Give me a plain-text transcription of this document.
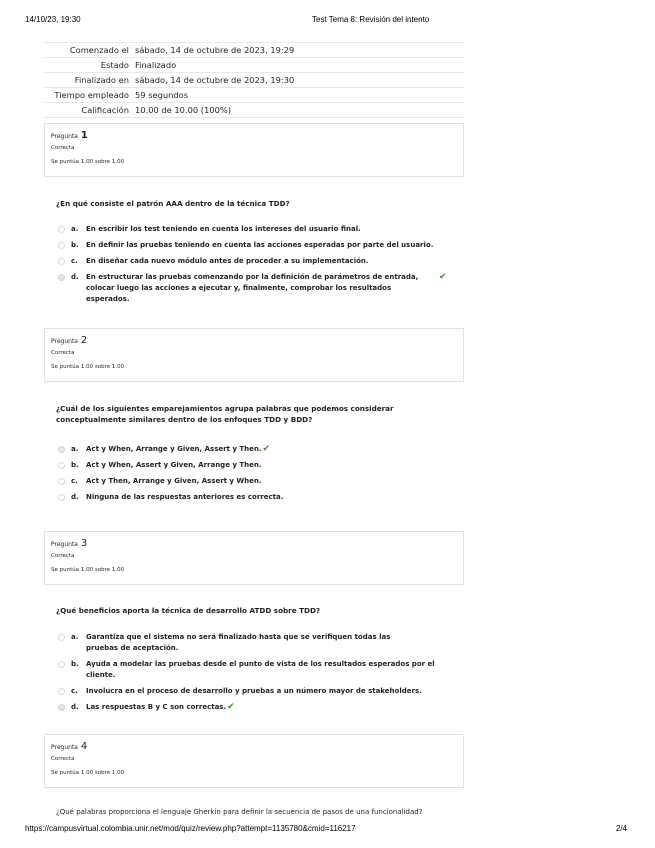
14/10/23, 19:30	Test Tema 8: Revisión del intento
Comenzado el	sábado, 14 de octubre de 2023, 19:29
Estado	Finalizado
Finalizado en	sábado, 14 de octubre de 2023, 19:30
Tiempo empleado	59 segundos
Calificación	10.00 de 10.00 (100%)
Pregunta 1
Correcta
Se puntúa 1.00 sobre 1.00
¿En qué consiste el patrón AAA dentro de la técnica TDD?
a.	En escribir los test teniendo en cuenta los intereses del usuario final.
b.	En definir las pruebas teniendo en cuenta las acciones esperadas por parte del usuario.
c.	En diseñar cada nuevo módulo antes de proceder a su implementación.
d.	En estructurar las pruebas comenzando por la definición de parámetros de entrada, colocar luego las acciones a ejecutar y, finalmente, comprobar los resultados esperados.
✔
Pregunta 2
Correcta
Se puntúa 1.00 sobre 1.00
¿Cuál de los siguientes emparejamientos agrupa palabras que podemos considerar conceptualmente similares dentro de los enfoques TDD y BDD?
a.	Act y When, Arrange y Given, Assert y Then. ✔
b.	Act y When, Assert y Given, Arrange y Then.
c.	Act y Then, Arrange y Given, Assert y When.
d.	Ninguna de las respuestas anteriores es correcta.
Pregunta 3
Correcta
Se puntúa 1.00 sobre 1.00
¿Qué beneficios aporta la técnica de desarrollo ATDD sobre TDD?
a.	Garantiza que el sistema no será finalizado hasta que se verifiquen todas las pruebas de aceptación.
b.	Ayuda a modelar las pruebas desde el punto de vista de los resultados esperados por el cliente.
c.	Involucra en el proceso de desarrollo y pruebas a un número mayor de stakeholders.
d.	Las respuestas B y C son correctas. ✔
Pregunta 4
Correcta
Se puntúa 1.00 sobre 1.00
¿Qué palabras proporciona el lenguaje Gherkin para definir la secuencia de pasos de una funcionalidad?
https://campusvirtual.colombia.unir.net/mod/quiz/review.php?attempt=1135780&cmid=116217	2/4
